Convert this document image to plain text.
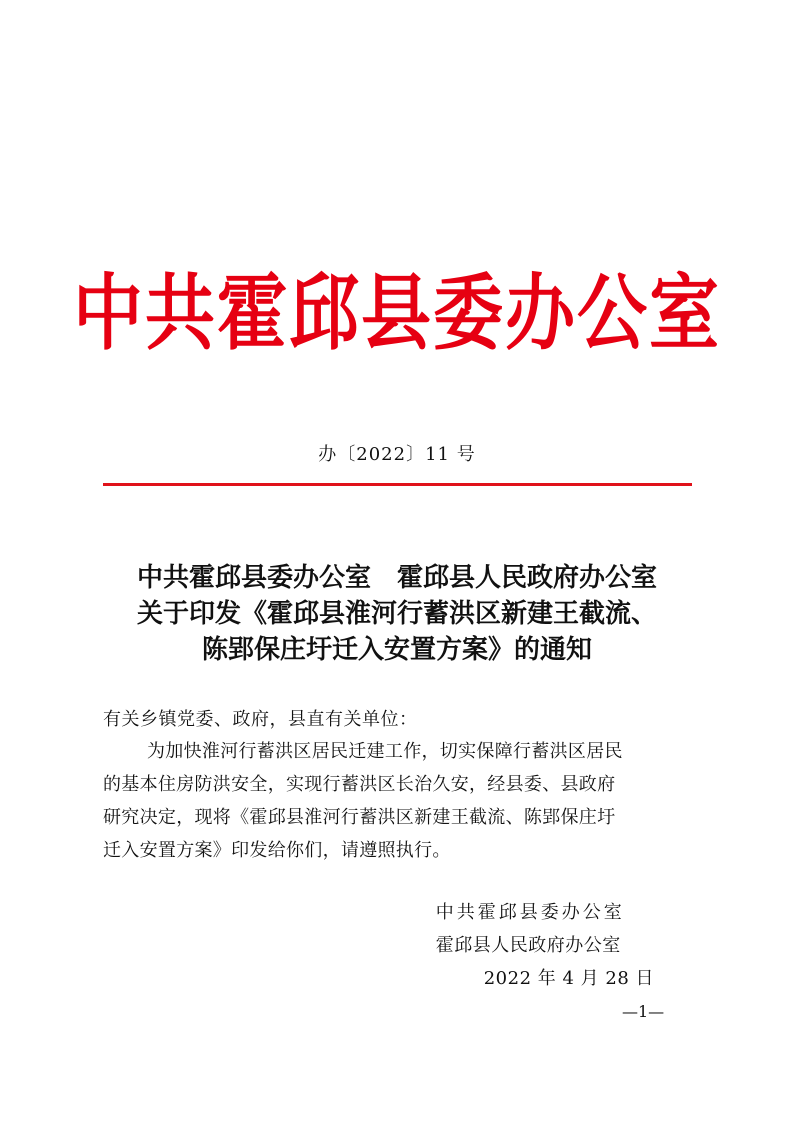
中共霍邱县委办公室
办〔2022〕11 号
中共霍邱县委办公室　霍邱县人民政府办公室
关于印发《霍邱县淮河行蓄洪区新建王截流、
陈郢保庄圩迁入安置方案》的通知
有关乡镇党委、政府，县直有关单位：
为加快淮河行蓄洪区居民迁建工作，切实保障行蓄洪区居民
的基本住房防洪安全，实现行蓄洪区长治久安，经县委、县政府
研究决定，现将《霍邱县淮河行蓄洪区新建王截流、陈郢保庄圩
迁入安置方案》印发给你们，请遵照执行。
中共霍邱县委办公室
霍邱县人民政府办公室
2022 年 4 月 28 日
—1—
